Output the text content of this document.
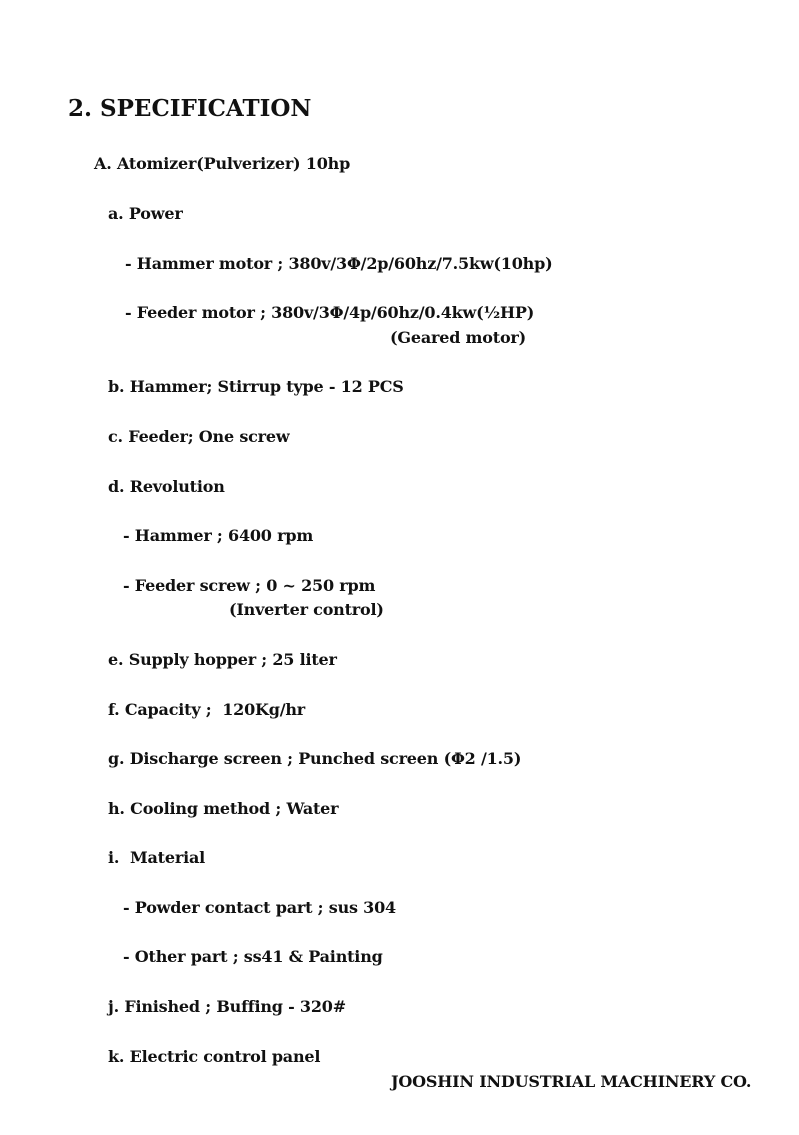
2. SPECIFICATION
A. Atomizer(Pulverizer) 10hp
a. Power
- Hammer motor ; 380v/3Φ/2p/60hz/7.5kw(10hp)
- Feeder motor ; 380v/3Φ/4p/60hz/0.4kw(½HP)
(Geared motor)
b. Hammer; Stirrup type - 12 PCS
c. Feeder; One screw
d. Revolution
- Hammer ; 6400 rpm
- Feeder screw ; 0 ~ 250 rpm
(Inverter control)
e. Supply hopper ; 25 liter
f. Capacity ;  120Kg/hr
g. Discharge screen ; Punched screen (Φ2 /1.5)
h. Cooling method ; Water
i.  Material
- Powder contact part ; sus 304
- Other part ; ss41 & Painting
j. Finished ; Buffing - 320#
k. Electric control panel
JOOSHIN INDUSTRIAL MACHINERY CO.
